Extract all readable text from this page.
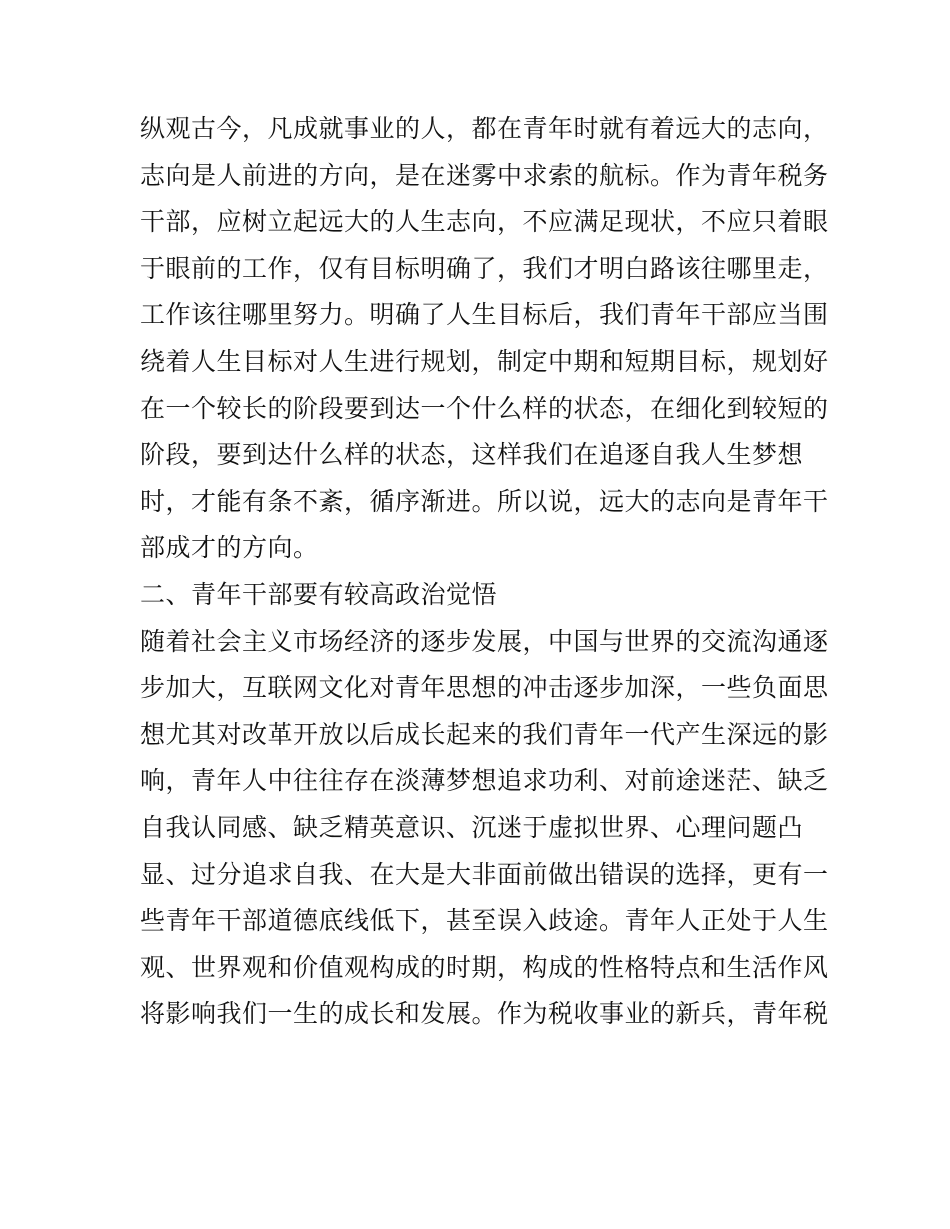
纵观古今，凡成就事业的人，都在青年时就有着远大的志向，
志向是人前进的方向，是在迷雾中求索的航标。作为青年税务
干部，应树立起远大的人生志向，不应满足现状，不应只着眼
于眼前的工作，仅有目标明确了，我们才明白路该往哪里走，
工作该往哪里努力。明确了人生目标后，我们青年干部应当围
绕着人生目标对人生进行规划，制定中期和短期目标，规划好
在一个较长的阶段要到达一个什么样的状态，在细化到较短的
阶段，要到达什么样的状态，这样我们在追逐自我人生梦想
时，才能有条不紊，循序渐进。所以说，远大的志向是青年干
部成才的方向。
二、青年干部要有较高政治觉悟
随着社会主义市场经济的逐步发展，中国与世界的交流沟通逐
步加大，互联网文化对青年思想的冲击逐步加深，一些负面思
想尤其对改革开放以后成长起来的我们青年一代产生深远的影
响，青年人中往往存在淡薄梦想追求功利、对前途迷茫、缺乏
自我认同感、缺乏精英意识、沉迷于虚拟世界、心理问题凸
显、过分追求自我、在大是大非面前做出错误的选择，更有一
些青年干部道德底线低下，甚至误入歧途。青年人正处于人生
观、世界观和价值观构成的时期，构成的性格特点和生活作风
将影响我们一生的成长和发展。作为税收事业的新兵，青年税
